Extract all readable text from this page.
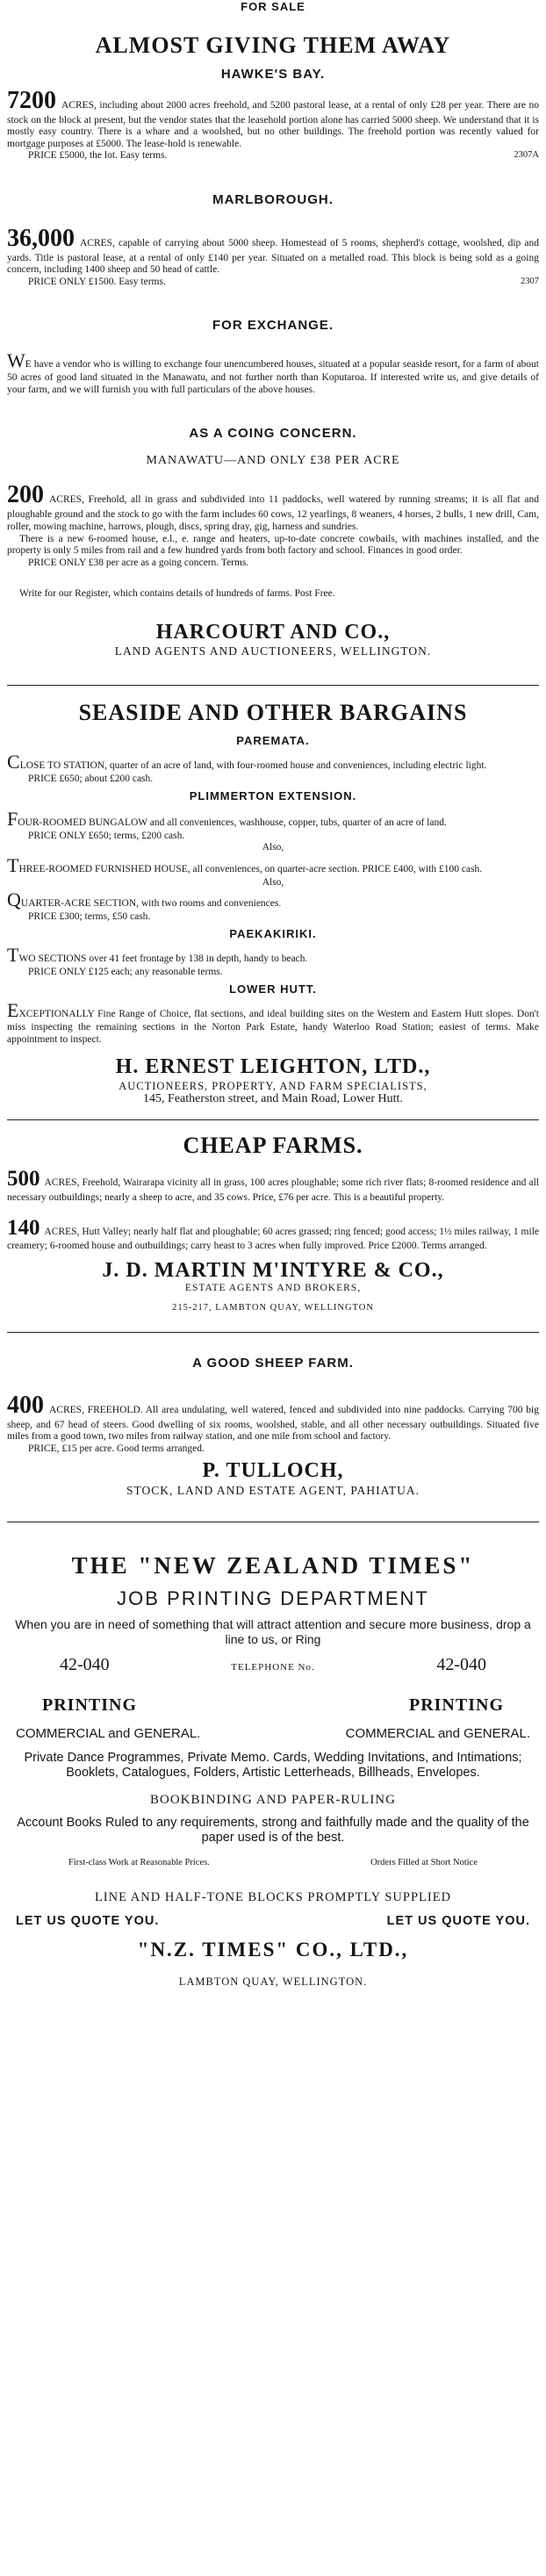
FOR SALE
ALMOST GIVING THEM AWAY
HAWKE'S BAY.

7200 ACRES, including about 2000 acres freehold, and 5200 pastoral lease, at a rental of only £28 per year. There are no stock on the block at present, but the vendor states that the leasehold portion alone has carried 5000 sheep. We understand that it is mostly easy country. There is a whare and a woolshed, but no other buildings. The freehold portion was recently valued for mortgage purposes at £5000. The lease-hold is renewable.

PRICE £5000, the lot. Easy terms.	2307A

MARLBOROUGH.

36,000 ACRES, capable of carrying about 5000 sheep. Homestead of 5 rooms, shepherd's cottage, woolshed, dip and yards. Title is pastoral lease, at a rental of only £140 per year. Situated on a metalled road. This block is being sold as a going concern, including 1400 sheep and 50 head of cattle.

PRICE ONLY £1500. Easy terms.	2307

FOR EXCHANGE.

WE have a vendor who is willing to exchange four unencumbered houses, situated at a popular seaside resort, for a farm of about 50 acres of good land situated in the Manawatu, and not further north than Koputaroa. If interested write us, and give details of your farm, and we will furnish you with full particulars of the above houses.

AS A COING CONCERN.
MANAWATU—AND ONLY £38 PER ACRE

200 ACRES, Freehold, all in grass and subdivided into 11 paddocks, well watered by running streams; it is all flat and ploughable ground and the stock to go with the farm includes 60 cows, 12 yearlings, 8 weaners, 4 horses, 2 bulls, 1 new drill, Cam, roller, mowing machine, harrows, plough, discs, spring dray, gig, harness and sundries.

There is a new 6-roomed house, e.l., e. range and heaters, up-to-date concrete cowbails, with machines installed, and the property is only 5 miles from rail and a few hundred yards from both factory and school. Finances in good order.

PRICE ONLY £38 per acre as a going concern. Terms.

Write for our Register, which contains details of hundreds of farms. Post Free.

HARCOURT AND CO.,
LAND AGENTS AND AUCTIONEERS, WELLINGTON.
SEASIDE AND OTHER BARGAINS
PAREMATA.

CLOSE TO STATION, quarter of an acre of land, with four-roomed house and conveniences, including electric light.

PRICE £650; about £200 cash.

PLIMMERTON EXTENSION.

FOUR-ROOMED BUNGALOW and all conveniences, washhouse, copper, tubs, quarter of an acre of land.

PRICE ONLY £650; terms, £200 cash.

Also,

THREE-ROOMED FURNISHED HOUSE, all conveniences, on quarter-acre section. PRICE £400, with £100 cash.

Also,

QUARTER-ACRE SECTION, with two rooms and conveniences.

PRICE £300; terms, £50 cash.

PAEKAKIRIKI.

TWO SECTIONS over 41 feet frontage by 138 in depth, handy to beach.

PRICE ONLY £125 each; any reasonable terms.

LOWER HUTT.

EXCEPTIONALLY Fine Range of Choice, flat sections, and ideal building sites on the Western and Eastern Hutt slopes. Don't miss inspecting the remaining sections in the Norton Park Estate, handy Waterloo Road Station; easiest of terms. Make appointment to inspect.

H. ERNEST LEIGHTON, LTD.,
AUCTIONEERS, PROPERTY, AND FARM SPECIALISTS,
145, Featherston street, and Main Road, Lower Hutt.
CHEAP FARMS.

500 ACRES, Freehold, Wairarapa vicinity all in grass, 100 acres ploughable; some rich river flats; 8-roomed residence and all necessary outbuildings; nearly a sheep to acre, and 35 cows. Price, £76 per acre. This is a beautiful property.

140 ACRES, Hutt Valley; nearly half flat and ploughable; 60 acres grassed; ring fenced; good access; 1½ miles railway, 1 mile creamery; 6-roomed house and outbuildings; carry heast to 3 acres when fully improved. Price £2000. Terms arranged.

J. D. MARTIN M'INTYRE & CO.,
ESTATE AGENTS AND BROKERS,
215-217, LAMBTON QUAY, WELLINGTON
A GOOD SHEEP FARM.

400 ACRES, FREEHOLD. All area undulating, well watered, fenced and subdivided into nine paddocks. Carrying 700 big sheep, and 67 head of steers. Good dwelling of six rooms, woolshed, stable, and all other necessary outbuildings. Situated five miles from a good town, two miles from railway station, and one mile from school and factory.

PRICE, £15 per acre. Good terms arranged.

P. TULLOCH,
STOCK, LAND AND ESTATE AGENT, PAHIATUA.
THE "NEW ZEALAND TIMES"
JOB PRINTING DEPARTMENT

When you are in need of something that will attract attention and secure more business, drop a line to us, or Ring

42-040	TELEPHONE No.	42-040
PRINTING	PRINTING
COMMERCIAL and GENERAL.	COMMERCIAL and GENERAL.

Private Dance Programmes, Private Memo. Cards, Wedding Invitations, and Intimations; Booklets, Catalogues, Folders, Artistic Letterheads, Billheads, Envelopes.

BOOKBINDING AND PAPER-RULING

Account Books Ruled to any requirements, strong and faithfully made and the quality of the paper used is of the best.

First-class Work at Reasonable Prices.	Orders Filled at Short Notice
LINE AND HALF-TONE BLOCKS PROMPTLY SUPPLIED
LET US QUOTE YOU.	LET US QUOTE YOU.
"N.Z. TIMES" CO., LTD.,
LAMBTON QUAY, WELLINGTON.
